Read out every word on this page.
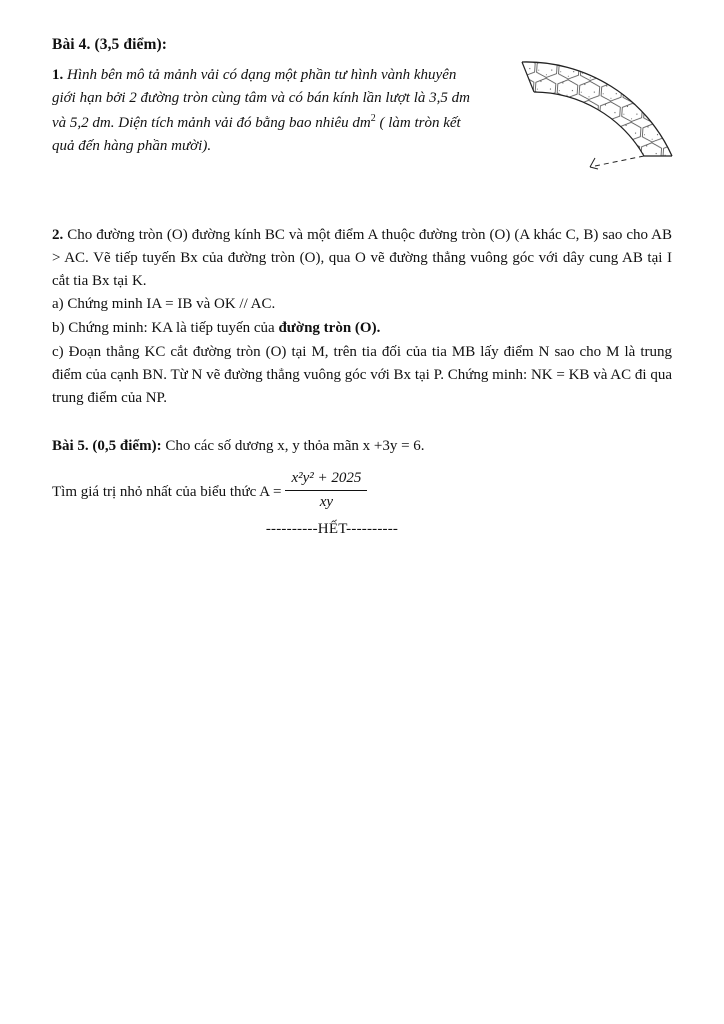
Bài 4. (3,5 điểm):
1. Hình bên mô tả mảnh vải có dạng một phần tư hình vành khuyên giới hạn bởi 2 đường tròn cùng tâm và có bán kính lần lượt là 3,5 dm và 5,2 dm. Diện tích mảnh vải đó bằng bao nhiêu $dm^2$ ( làm tròn kết quả đến hàng phần mười).
2. Cho đường tròn (O) đường kính BC và một điểm A thuộc đường tròn (O) (A khác C, B) sao cho AB > AC. Vẽ tiếp tuyến Bx của đường tròn (O), qua O vẽ đường thẳng vuông góc với dây cung AB tại I cắt tia Bx tại K.
a) Chứng minh IA = IB và OK // AC.
b) Chứng minh: KA là tiếp tuyến của đường tròn (O).
c) Đoạn thẳng KC cắt đường tròn (O) tại M, trên tia đối của tia MB lấy điểm N sao cho M là trung điểm của cạnh BN. Từ N vẽ đường thẳng vuông góc với Bx tại P. Chứng minh: NK = KB và AC đi qua trung điểm của NP.
Bài 5. (0,5 điểm): Cho các số dương x, y thỏa mãn x +3y = 6.
Tìm giá trị nhỏ nhất của biểu thức $A = \frac{\text{x²y² + 2025}}{xy}$
----------HẾT----------
